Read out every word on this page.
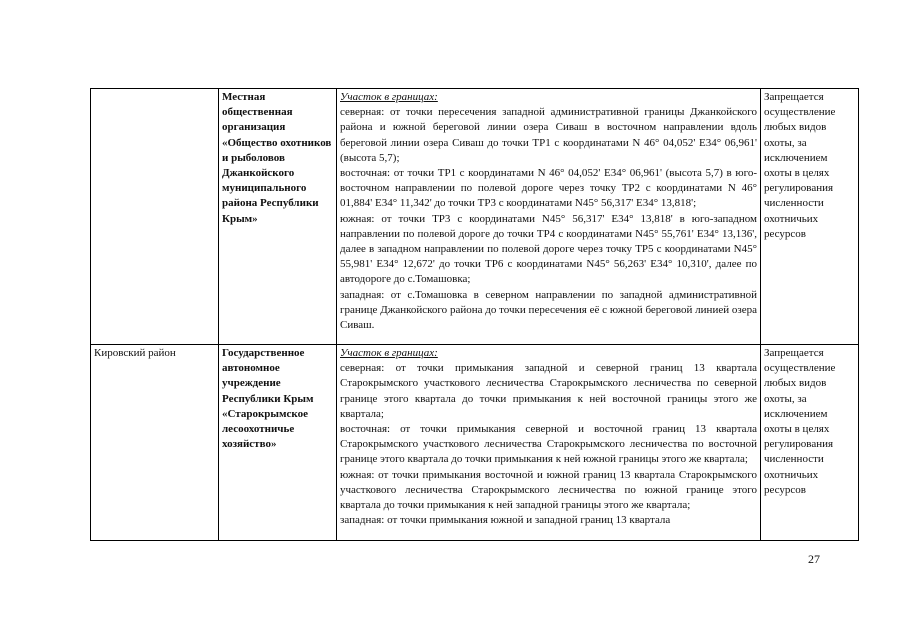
	Местная общественная организация «Общество охотников и рыболовов Джанкойского муниципального района Республики Крым»	Участок в границах:
северная: от точки пересечения западной административной границы Джанкойского района и южной береговой линии озера Сиваш в восточном направлении вдоль береговой линии озера Сиваш до точки ТР1 с координатами N 46° 04,052' E34° 06,961' (высота 5,7);
восточная: от точки ТР1 с координатами N 46° 04,052' E34° 06,961' (высота 5,7) в юго-восточном направлении по полевой дороге через точку ТР2 с координатами N 46° 01,884' E34° 11,342' до точки ТР3 с координатами N45° 56,317' E34° 13,818';
южная: от точки ТР3 с координатами N45° 56,317' E34° 13,818' в юго-западном направлении по полевой дороге до точки ТР4 с координатами N45° 55,761' E34° 13,136', далее в западном направлении по полевой дороге через точку ТР5 с координатами N45° 55,981' E34° 12,672' до точки ТР6 с координатами N45° 56,263' E34° 10,310', далее по автодороге до с.Томашовка;
западная: от с.Томашовка в северном направлении по западной административной границе Джанкойского района до точки пересечения её с южной береговой линией озера Сиваш.	Запрещается осуществление любых видов охоты, за исключением охоты в целях регулирования численности охотничьих ресурсов

Кировский район	Государственное автономное учреждение Республики Крым «Старокрымское лесоохотничье хозяйство»	Участок в границах:
северная: от точки примыкания западной и северной границ 13 квартала Старокрымского участкового лесничества Старокрымского лесничества по северной границе этого квартала до точки примыкания к ней восточной границы этого же квартала;
восточная: от точки примыкания северной и восточной границ 13 квартала Старокрымского участкового лесничества Старокрымского лесничества по восточной границе этого квартала до точки примыкания к ней южной границы этого же квартала;
южная: от точки примыкания восточной и южной границ 13 квартала Старокрымского участкового лесничества Старокрымского лесничества по южной границе этого квартала до точки примыкания к ней западной границы этого же квартала;
западная: от точки примыкания южной и западной границ 13 квартала	Запрещается осуществление любых видов охоты, за исключением охоты в целях регулирования численности охотничьих ресурсов
27
